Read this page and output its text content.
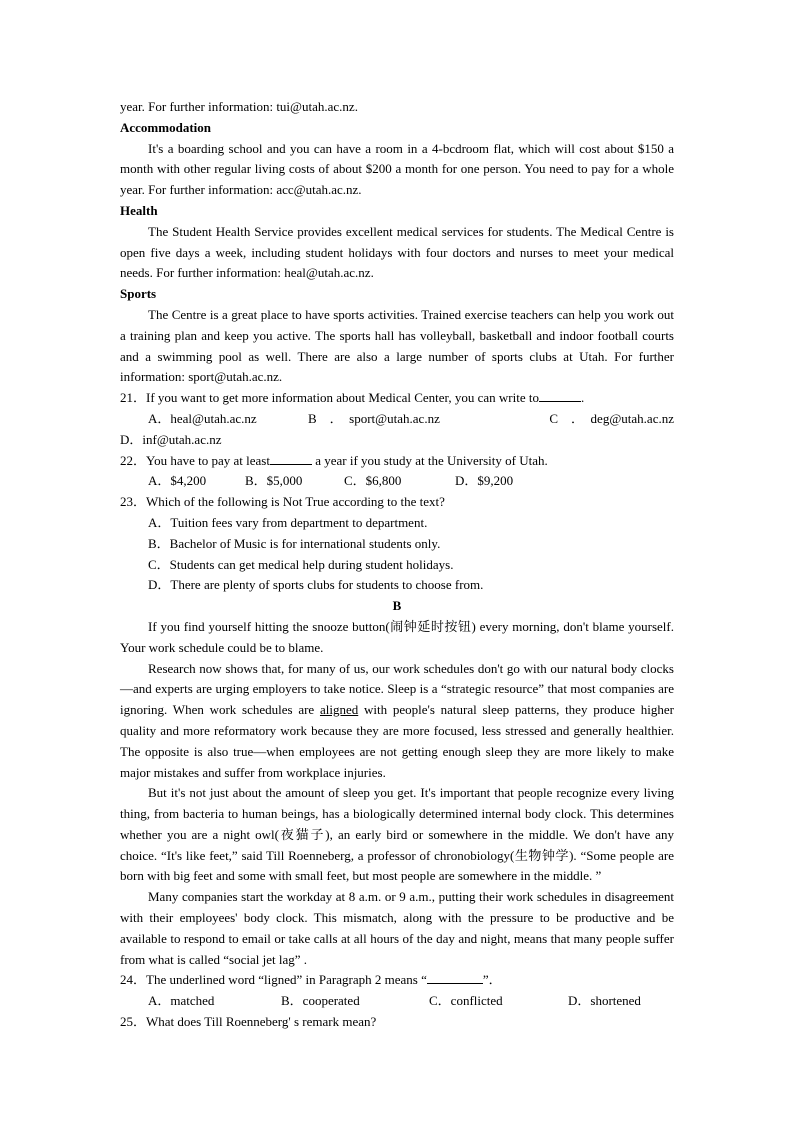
year. For further information: tui@utah.ac.nz.

Accommodation

It's a boarding school and you can have a room in a 4-bcdroom flat, which will cost about $150 a month with other regular living costs of about $200 a month for one person. You need to pay for a whole year. For further information: acc@utah.ac.nz.

Health

The Student Health Service provides excellent medical services for students. The Medical Centre is open five days a week, including student holidays with four doctors and nurses to meet your medical needs. For further information: heal@utah.ac.nz.

Sports

The Centre is a great place to have sports activities. Trained exercise teachers can help you work out a training plan and keep you active. The sports hall has volleyball, basketball and indoor football courts and a swimming pool as well. There are also a large number of sports clubs at Utah. For further information: sport@utah.ac.nz.

21．If you want to get more information about Medical Center, you can write to	.

A．heal@utah.ac.nz	B　．　sport@utah.ac.nz	C　．　deg@utah.ac.nz

D．inf@utah.ac.nz

22．You have to pay at least	a year if you study at the University of Utah.

A．$4,200	B．$5,000	C．$6,800	D．$9,200

23．Which of the following is Not True according to the text?

A．Tuition fees vary from department to department.

B．Bachelor of Music is for international students only.

C．Students can get medical help during student holidays.

D．There are plenty of sports clubs for students to choose from.

B

If you find yourself hitting the snooze button(闹钟延时按钮) every morning, don't blame yourself. Your work schedule could be to blame.

Research now shows that, for many of us, our work schedules don't go with our natural body clocks—and experts are urging employers to take notice. Sleep is a “strategic resource” that most companies are ignoring. When work schedules are aligned with people's natural sleep patterns, they produce higher quality and more reformatory work because they are more focused, less stressed and generally healthier. The opposite is also true—when employees are not getting enough sleep they are more likely to make major mistakes and suffer from workplace injuries.

But it's not just about the amount of sleep you get. It's important that people recognize every living thing, from bacteria to human beings, has a biologically determined internal body clock. This determines whether you are a night owl(夜猫子), an early bird or somewhere in the middle. We don't have any choice. “It's like feet,” said Till Roenneberg, a professor of chronobiology(生物钟学). “Some people are born with big feet and some with small feet, but most people are somewhere in the middle. ”

Many companies start the workday at 8 a.m. or 9 a.m., putting their work schedules in disagreement with their employees' body clock. This mismatch, along with the pressure to be productive and be available to respond to email or take calls at all hours of the day and night, means that many people suffer from what is called “social jet lag” .

24．The underlined word “ligned” in Paragraph 2 means “	”．

A．matched	B．cooperated	C．conflicted	D．shortened

25．What does Till Roenneberg' s remark mean?
